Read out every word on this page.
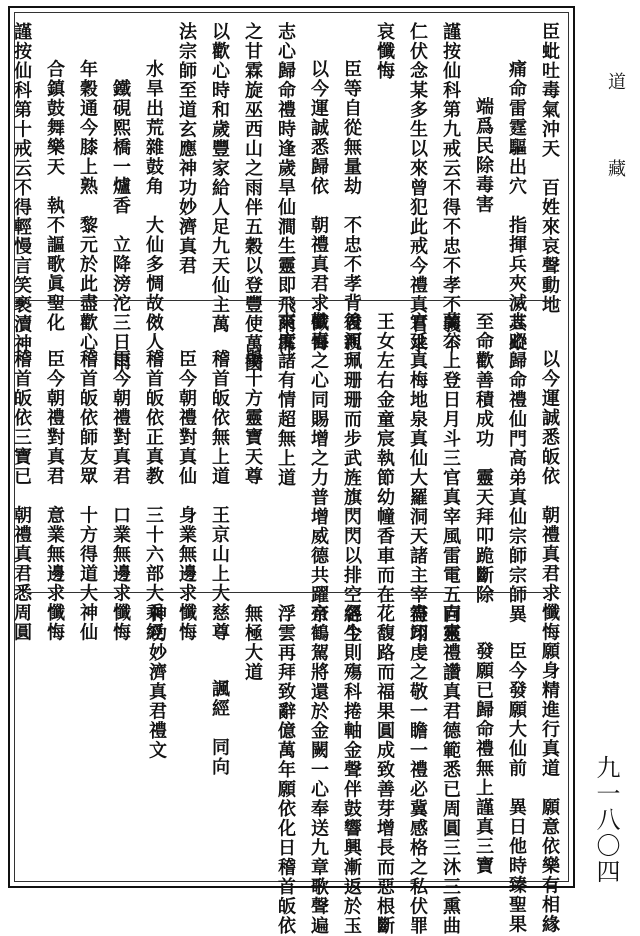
臣蚍吐毒氣沖天　百姓來哀聲動地
　痛命雷霆驅出穴　指揮兵夾滅其蹤
　　端爲民除毒害
謹按仙科第九戒云不得不忠不孝不義不
仁伏念某多生以來曾犯此戒今禮真君求
哀懺悔
　臣等自從無量劫　不忠不孝背君親
　以今運誠悉歸依　朝禮真君求懺悔
志心歸命禮時逢歲旱仙澗生靈即飛雨霈
之甘霖旋巫西山之雨伴五穀以登豐使萬國
以歡心時和歲豐家給人足九天仙主萬
法宗師至道玄應神功妙濟真君
　水旱出荒雜鼓角　大仙多惆故傚人
　　鐵硯熙橋一爐香　立降滂沱三日雨
　年穀通今膝上熟　黎元於此盡歡心
　合鎮鼓舞樂天　執不謳歌眞聖化
謹按仙科第十戒云不得輕慢言笑褻瀆神
　以今運誠悉皈依　朝禮真君求懺悔
志心歸命禮仙門高弟真仙宗師宗師異
至命歡善積成功　靈天拜叩跪斷除
蘭公上登日月斗三官真宰風雷電五百靈
官延真梅地泉真仙大羅洞天諸主宰符印
王女左右金童宸執節幼幢香車而在
後河珮珊珊而步武旌旗閃閃以排空各生
歡喜之心同賜增之力普增威德共躍帝
爽度諸有情超無上道
　舉十方靈寶天尊
　稽首皈依無上道　王京山上大慈尊
　臣今朝禮對真仙　身業無邊求懺悔
　稽首皈依正真教　三十六部大乘經
　臣今朝禮對真君　口業無邊求懺悔
　稽首皈依師友眾　十方得道大神仙
　臣今朝禮對真君　意業無邊求懺悔
　稽首皈依三寶已　朝禮真君悉周圓
　願身精進行真道　願意依樂有相緣
　臣今發願大仙前　異日他時臻聖果
　發願已歸命禮無上謹真三寶
向來禮讚真君德範悉已周圓三沐三熏曲
盡翊虔之敬一瞻一禮必冀感格之私伏罪
花馥路而福果圓成致善芽增長而惡根斷
絕今則殤科捲軸金聲伴鼓響興漸返於玉
京鶴駕將還於金闕一心奉送九章歌聲遍
浮雲再拜致辭億萬年願依化日稽首皈依
無極大道
　　諷經　同向
神功妙濟真君禮文
道 藏
九一八〇四
